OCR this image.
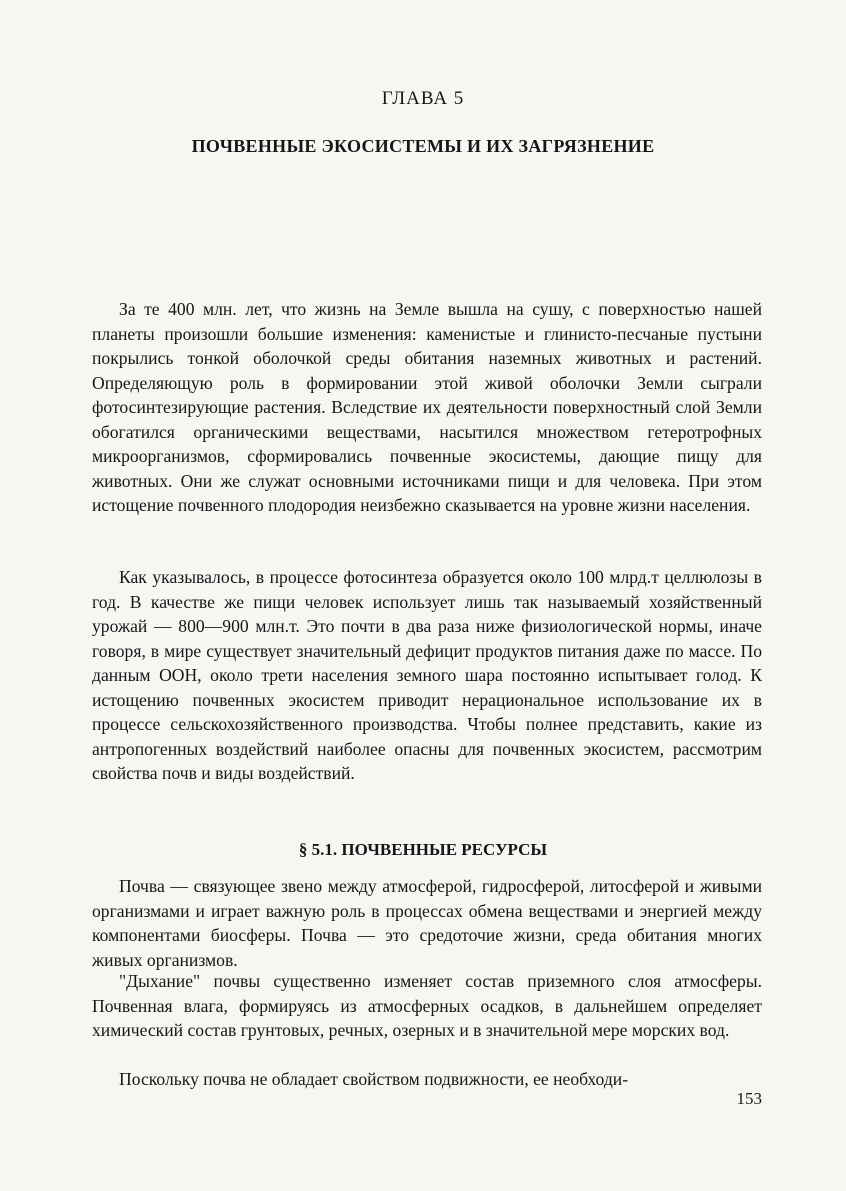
ГЛАВА 5
ПОЧВЕННЫЕ ЭКОСИСТЕМЫ И ИХ ЗАГРЯЗНЕНИЕ

За те 400 млн. лет, что жизнь на Земле вышла на сушу, с поверхностью нашей планеты произошли большие изменения: каменистые и глинисто-песчаные пустыни покрылись тонкой оболочкой среды обитания наземных животных и растений. Определяющую роль в формировании этой живой оболочки Земли сыграли фотосинтезирующие растения. Вследствие их деятельности поверхностный слой Земли обогатился органическими веществами, насытился множеством гетеротрофных микроорганизмов, сформировались почвенные экосистемы, дающие пищу для животных. Они же служат основными источниками пищи и для человека. При этом истощение почвенного плодородия неизбежно сказывается на уровне жизни населения.

Как указывалось, в процессе фотосинтеза образуется около 100 млрд.т целлюлозы в год. В качестве же пищи человек использует лишь так называемый хозяйственный урожай — 800—900 млн.т. Это почти в два раза ниже физиологической нормы, иначе говоря, в мире существует значительный дефицит продуктов питания даже по массе. По данным ООН, около трети населения земного шара постоянно испытывает голод. К истощению почвенных экосистем приводит нерациональное использование их в процессе сельскохозяйственного производства. Чтобы полнее представить, какие из антропогенных воздействий наиболее опасны для почвенных экосистем, рассмотрим свойства почв и виды воздействий.

§ 5.1. ПОЧВЕННЫЕ РЕСУРСЫ

Почва — связующее звено между атмосферой, гидросферой, литосферой и живыми организмами и играет важную роль в процессах обмена веществами и энергией между компонентами биосферы. Почва — это средоточие жизни, среда обитания многих живых организмов.

"Дыхание" почвы существенно изменяет состав приземного слоя атмосферы. Почвенная влага, формируясь из атмосферных осадков, в дальнейшем определяет химический состав грунтовых, речных, озерных и в значительной мере морских вод.

Поскольку почва не обладает свойством подвижности, ее необходи-

153
